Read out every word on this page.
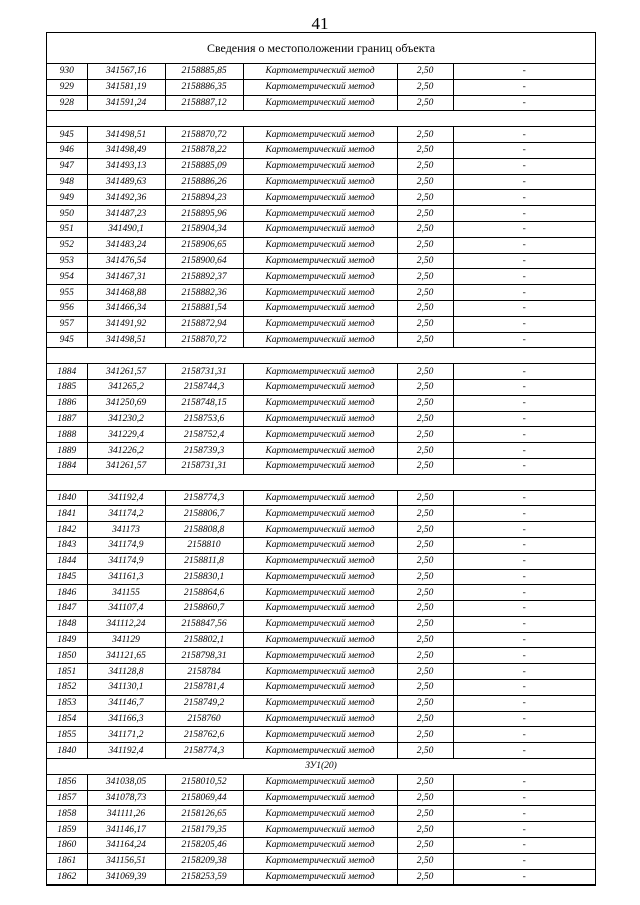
41
Сведения о местоположении границ объекта
930	341567,16	2158885,85	Картометрический метод	2,50	-
929	341581,19	2158886,35	Картометрический метод	2,50	-
928	341591,24	2158887,12	Картометрический метод	2,50	-

945	341498,51	2158870,72	Картометрический метод	2,50	-
946	341498,49	2158878,22	Картометрический метод	2,50	-
947	341493,13	2158885,09	Картометрический метод	2,50	-
948	341489,63	2158886,26	Картометрический метод	2,50	-
949	341492,36	2158894,23	Картометрический метод	2,50	-
950	341487,23	2158895,96	Картометрический метод	2,50	-
951	341490,1	2158904,34	Картометрический метод	2,50	-
952	341483,24	2158906,65	Картометрический метод	2,50	-
953	341476,54	2158900,64	Картометрический метод	2,50	-
954	341467,31	2158892,37	Картометрический метод	2,50	-
955	341468,88	2158882,36	Картометрический метод	2,50	-
956	341466,34	2158881,54	Картометрический метод	2,50	-
957	341491,92	2158872,94	Картометрический метод	2,50	-
945	341498,51	2158870,72	Картометрический метод	2,50	-

1884	341261,57	2158731,31	Картометрический метод	2,50	-
1885	341265,2	2158744,3	Картометрический метод	2,50	-
1886	341250,69	2158748,15	Картометрический метод	2,50	-
1887	341230,2	2158753,6	Картометрический метод	2,50	-
1888	341229,4	2158752,4	Картометрический метод	2,50	-
1889	341226,2	2158739,3	Картометрический метод	2,50	-
1884	341261,57	2158731,31	Картометрический метод	2,50	-

1840	341192,4	2158774,3	Картометрический метод	2,50	-
1841	341174,2	2158806,7	Картометрический метод	2,50	-
1842	341173	2158808,8	Картометрический метод	2,50	-
1843	341174,9	2158810	Картометрический метод	2,50	-
1844	341174,9	2158811,8	Картометрический метод	2,50	-
1845	341161,3	2158830,1	Картометрический метод	2,50	-
1846	341155	2158864,6	Картометрический метод	2,50	-
1847	341107,4	2158860,7	Картометрический метод	2,50	-
1848	341112,24	2158847,56	Картометрический метод	2,50	-
1849	341129	2158802,1	Картометрический метод	2,50	-
1850	341121,65	2158798,31	Картометрический метод	2,50	-
1851	341128,8	2158784	Картометрический метод	2,50	-
1852	341130,1	2158781,4	Картометрический метод	2,50	-
1853	341146,7	2158749,2	Картометрический метод	2,50	-
1854	341166,3	2158760	Картометрический метод	2,50	-
1855	341171,2	2158762,6	Картометрический метод	2,50	-
1840	341192,4	2158774,3	Картометрический метод	2,50	-
ЗУ1(20)					
1856	341038,05	2158010,52	Картометрический метод	2,50	-
1857	341078,73	2158069,44	Картометрический метод	2,50	-
1858	341111,26	2158126,65	Картометрический метод	2,50	-
1859	341146,17	2158179,35	Картометрический метод	2,50	-
1860	341164,24	2158205,46	Картометрический метод	2,50	-
1861	341156,51	2158209,38	Картометрический метод	2,50	-
1862	341069,39	2158253,59	Картометрический метод	2,50	-
